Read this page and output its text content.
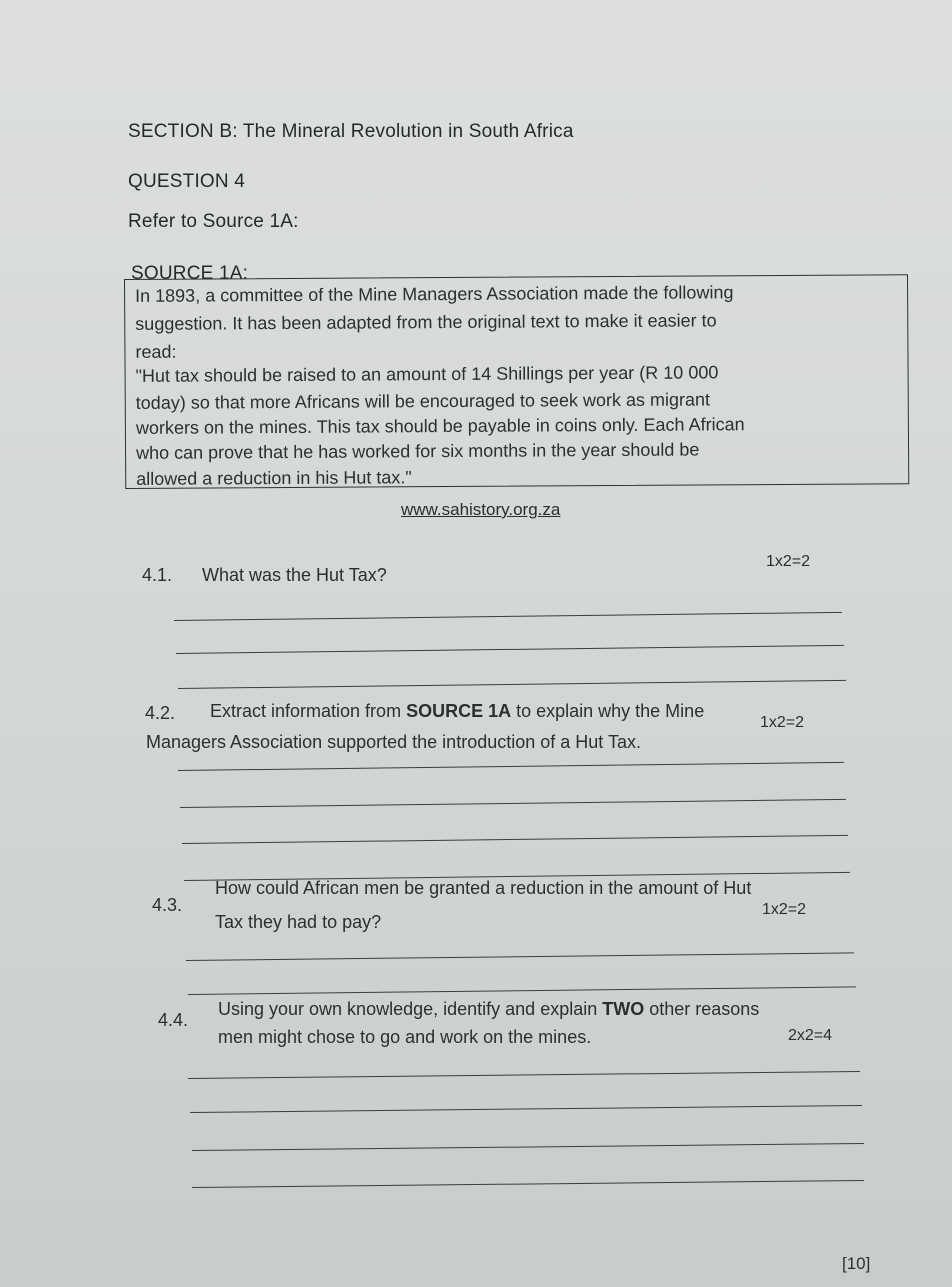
SECTION B: The Mineral Revolution in South Africa
QUESTION 4
Refer to Source 1A:
SOURCE 1A:
In 1893, a committee of the Mine Managers Association made the following
suggestion. It has been adapted from the original text to make it easier to
read:
"Hut tax should be raised to an amount of 14 Shillings per year (R 10 000
today) so that more Africans will be encouraged to seek work as migrant
workers on the mines. This tax should be payable in coins only. Each African
who can prove that he has worked for six months in the year should be
allowed a reduction in his Hut tax."
www.sahistory.org.za
4.1. What was the Hut Tax?
1x2=2
4.2. Extract information from SOURCE 1A to explain why the Mine
Managers Association supported the introduction of a Hut Tax.
1x2=2
4.3.
How could African men be granted a reduction in the amount of Hut
Tax they had to pay?
1x2=2
4.4.
Using your own knowledge, identify and explain TWO other reasons
men might chose to go and work on the mines.	2x2=4
[10]
